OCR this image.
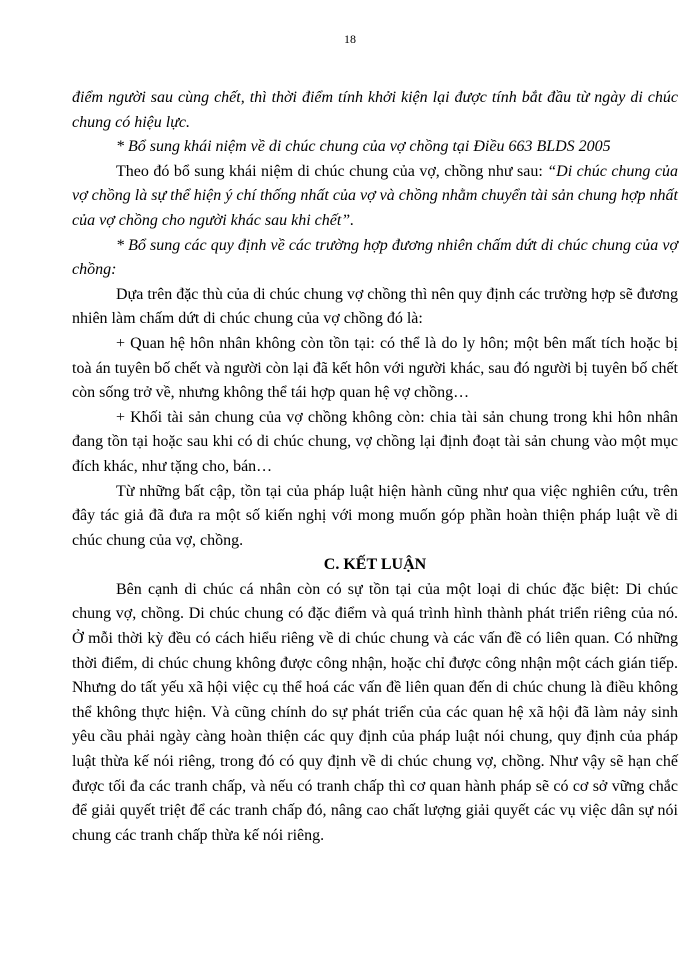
18

điểm người sau cùng chết, thì thời điểm tính khởi kiện lại được tính bắt đầu từ ngày di chúc chung có hiệu lực.

* Bổ sung khái niệm về di chúc chung của vợ chồng tại Điều 663 BLDS 2005

Theo đó bổ sung khái niệm di chúc chung của vợ, chồng như sau: “Di chúc chung của vợ chồng là sự thể hiện ý chí thống nhất của vợ và chồng nhằm chuyển tài sản chung hợp nhất của vợ chồng cho người khác sau khi chết”.

* Bổ sung các quy định về các trường hợp đương nhiên chấm dứt di chúc chung của vợ chồng:

Dựa trên đặc thù của di chúc chung vợ chồng thì nên quy định các trường hợp sẽ đương nhiên làm chấm dứt di chúc chung của vợ chồng đó là:

+ Quan hệ hôn nhân không còn tồn tại: có thể là do ly hôn; một bên mất tích hoặc bị toà án tuyên bố chết và người còn lại đã kết hôn với người khác, sau đó người bị tuyên bố chết còn sống trở về, nhưng không thể tái hợp quan hệ vợ chồng…

+ Khối tài sản chung của vợ chồng không còn: chia tài sản chung trong khi hôn nhân đang tồn tại hoặc sau khi có di chúc chung, vợ chồng lại định đoạt tài sản chung vào một mục đích khác, như tặng cho, bán…

Từ những bất cập, tồn tại của pháp luật hiện hành cũng như qua việc nghiên cứu, trên đây tác giả đã đưa ra một số kiến nghị với mong muốn góp phần hoàn thiện pháp luật về di chúc chung của vợ, chồng.

C. KẾT LUẬN

Bên cạnh di chúc cá nhân còn có sự tồn tại của một loại di chúc đặc biệt: Di chúc chung vợ, chồng. Di chúc chung có đặc điểm và quá trình hình thành phát triển riêng của nó. Ở mỗi thời kỳ đều có cách hiểu riêng về di chúc chung và các vấn đề có liên quan. Có những thời điểm, di chúc chung không được công nhận, hoặc chỉ được công nhận một cách gián tiếp. Nhưng do tất yếu xã hội việc cụ thể hoá các vấn đề liên quan đến di chúc chung là điều không thể không thực hiện. Và cũng chính do sự phát triển của các quan hệ xã hội đã làm nảy sinh yêu cầu phải ngày càng hoàn thiện các quy định của pháp luật nói chung, quy định của pháp luật thừa kế nói riêng, trong đó có quy định về di chúc chung vợ, chồng. Như vậy sẽ hạn chế được tối đa các tranh chấp, và nếu có tranh chấp thì cơ quan hành pháp sẽ có cơ sở vững chắc để giải quyết triệt để các tranh chấp đó, nâng cao chất lượng giải quyết các vụ việc dân sự nói chung các tranh chấp thừa kế nói riêng.
